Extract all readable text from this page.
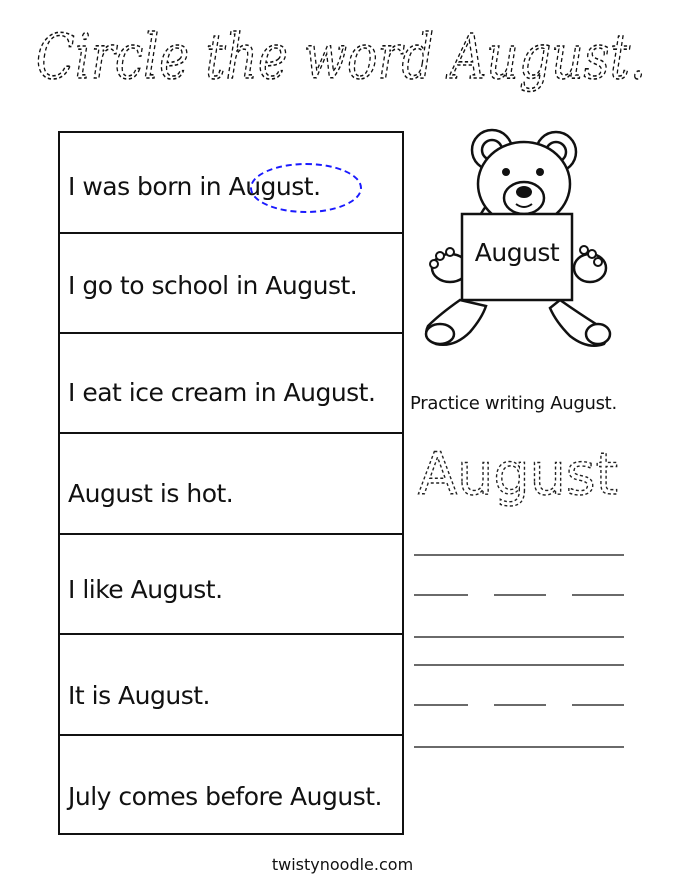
Circle the word August.
I was born in August.
I go to school in August.
I eat ice cream in August.
August is hot.
I like August.
It is August.
July comes before August.
August
Practice writing August.
August
twistynoodle.com
